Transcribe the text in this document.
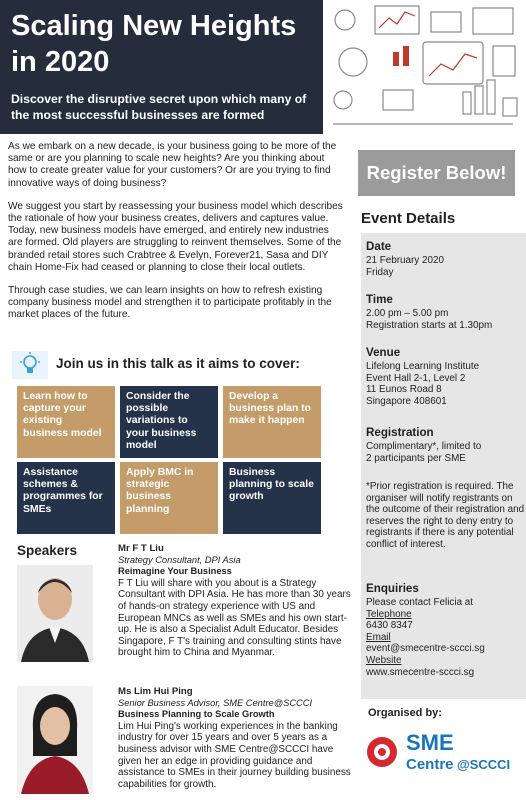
Scaling New Heights in 2020
Discover the disruptive secret upon which many of the most successful businesses are formed

As we embark on a new decade, is your business going to be more of the same or are you planning to scale new heights? Are you thinking about how to create greater value for your customers? Or are you trying to find innovative ways of doing business?

We suggest you start by reassessing your business model which describes the rationale of how your business creates, delivers and captures value. Today, new business models have emerged, and entirely new industries are formed. Old players are struggling to reinvent themselves. Some of the branded retail stores such Crabtree & Evelyn, Forever21, Sasa and DIY chain Home-Fix had ceased or planning to close their local outlets.

Through case studies, we can learn insights on how to refresh existing company business model and strengthen it to participate profitably in the market places of the future.

Join us in this talk as it aims to cover:
Learn how to capture your existing business model
Consider the possible variations to your business model
Develop a business plan to make it happen
Assistance schemes & programmes for SMEs
Apply BMC in strategic business planning
Business planning to scale growth
Speakers	Mr F T Liu
Strategy Consultant, DPI Asia
Reimagine Your Business
F T Liu will share with you about is a Strategy Consultant with DPI Asia. He has more than 30 years of hands-on strategy experience with US and European MNCs as well as SMEs and his own start-up. He is also a Specialist Adult Educator. Besides Singapore, F T's training and consulting stints have brought him to China and Myanmar.
Ms Lim Hui Ping
Senior Business Advisor, SME Centre@SCCCI
Business Planning to Scale Growth
Lim Hui Ping's working experiences in the banking industry for over 15 years and over 5 years as a business advisor with SME Centre@SCCCI have given her an edge in providing guidance and assistance to SMEs in their journey building business capabilities for growth.
Register Below!
Event Details
Date
21 February 2020
Friday
Time
2.00 pm – 5.00 pm
Registration starts at 1.30pm
Venue
Lifelong Learning Institute
Event Hall 2-1, Level 2
11 Eunos Road 8
Singapore 408601
Registration
Complimentary*, limited to
2 participants per SME
*Prior registration is required. The organiser will notify registrants on the outcome of their registration and reserves the right to deny entry to registrants if there is any potential conflict of interest.
Enquiries
Please contact Felicia at
Telephone
6430 8347
Email
event@smecentre-sccci.sg
Website
www.smecentre-sccci.sg
Organised by:
SME
Centre @SCCCI
